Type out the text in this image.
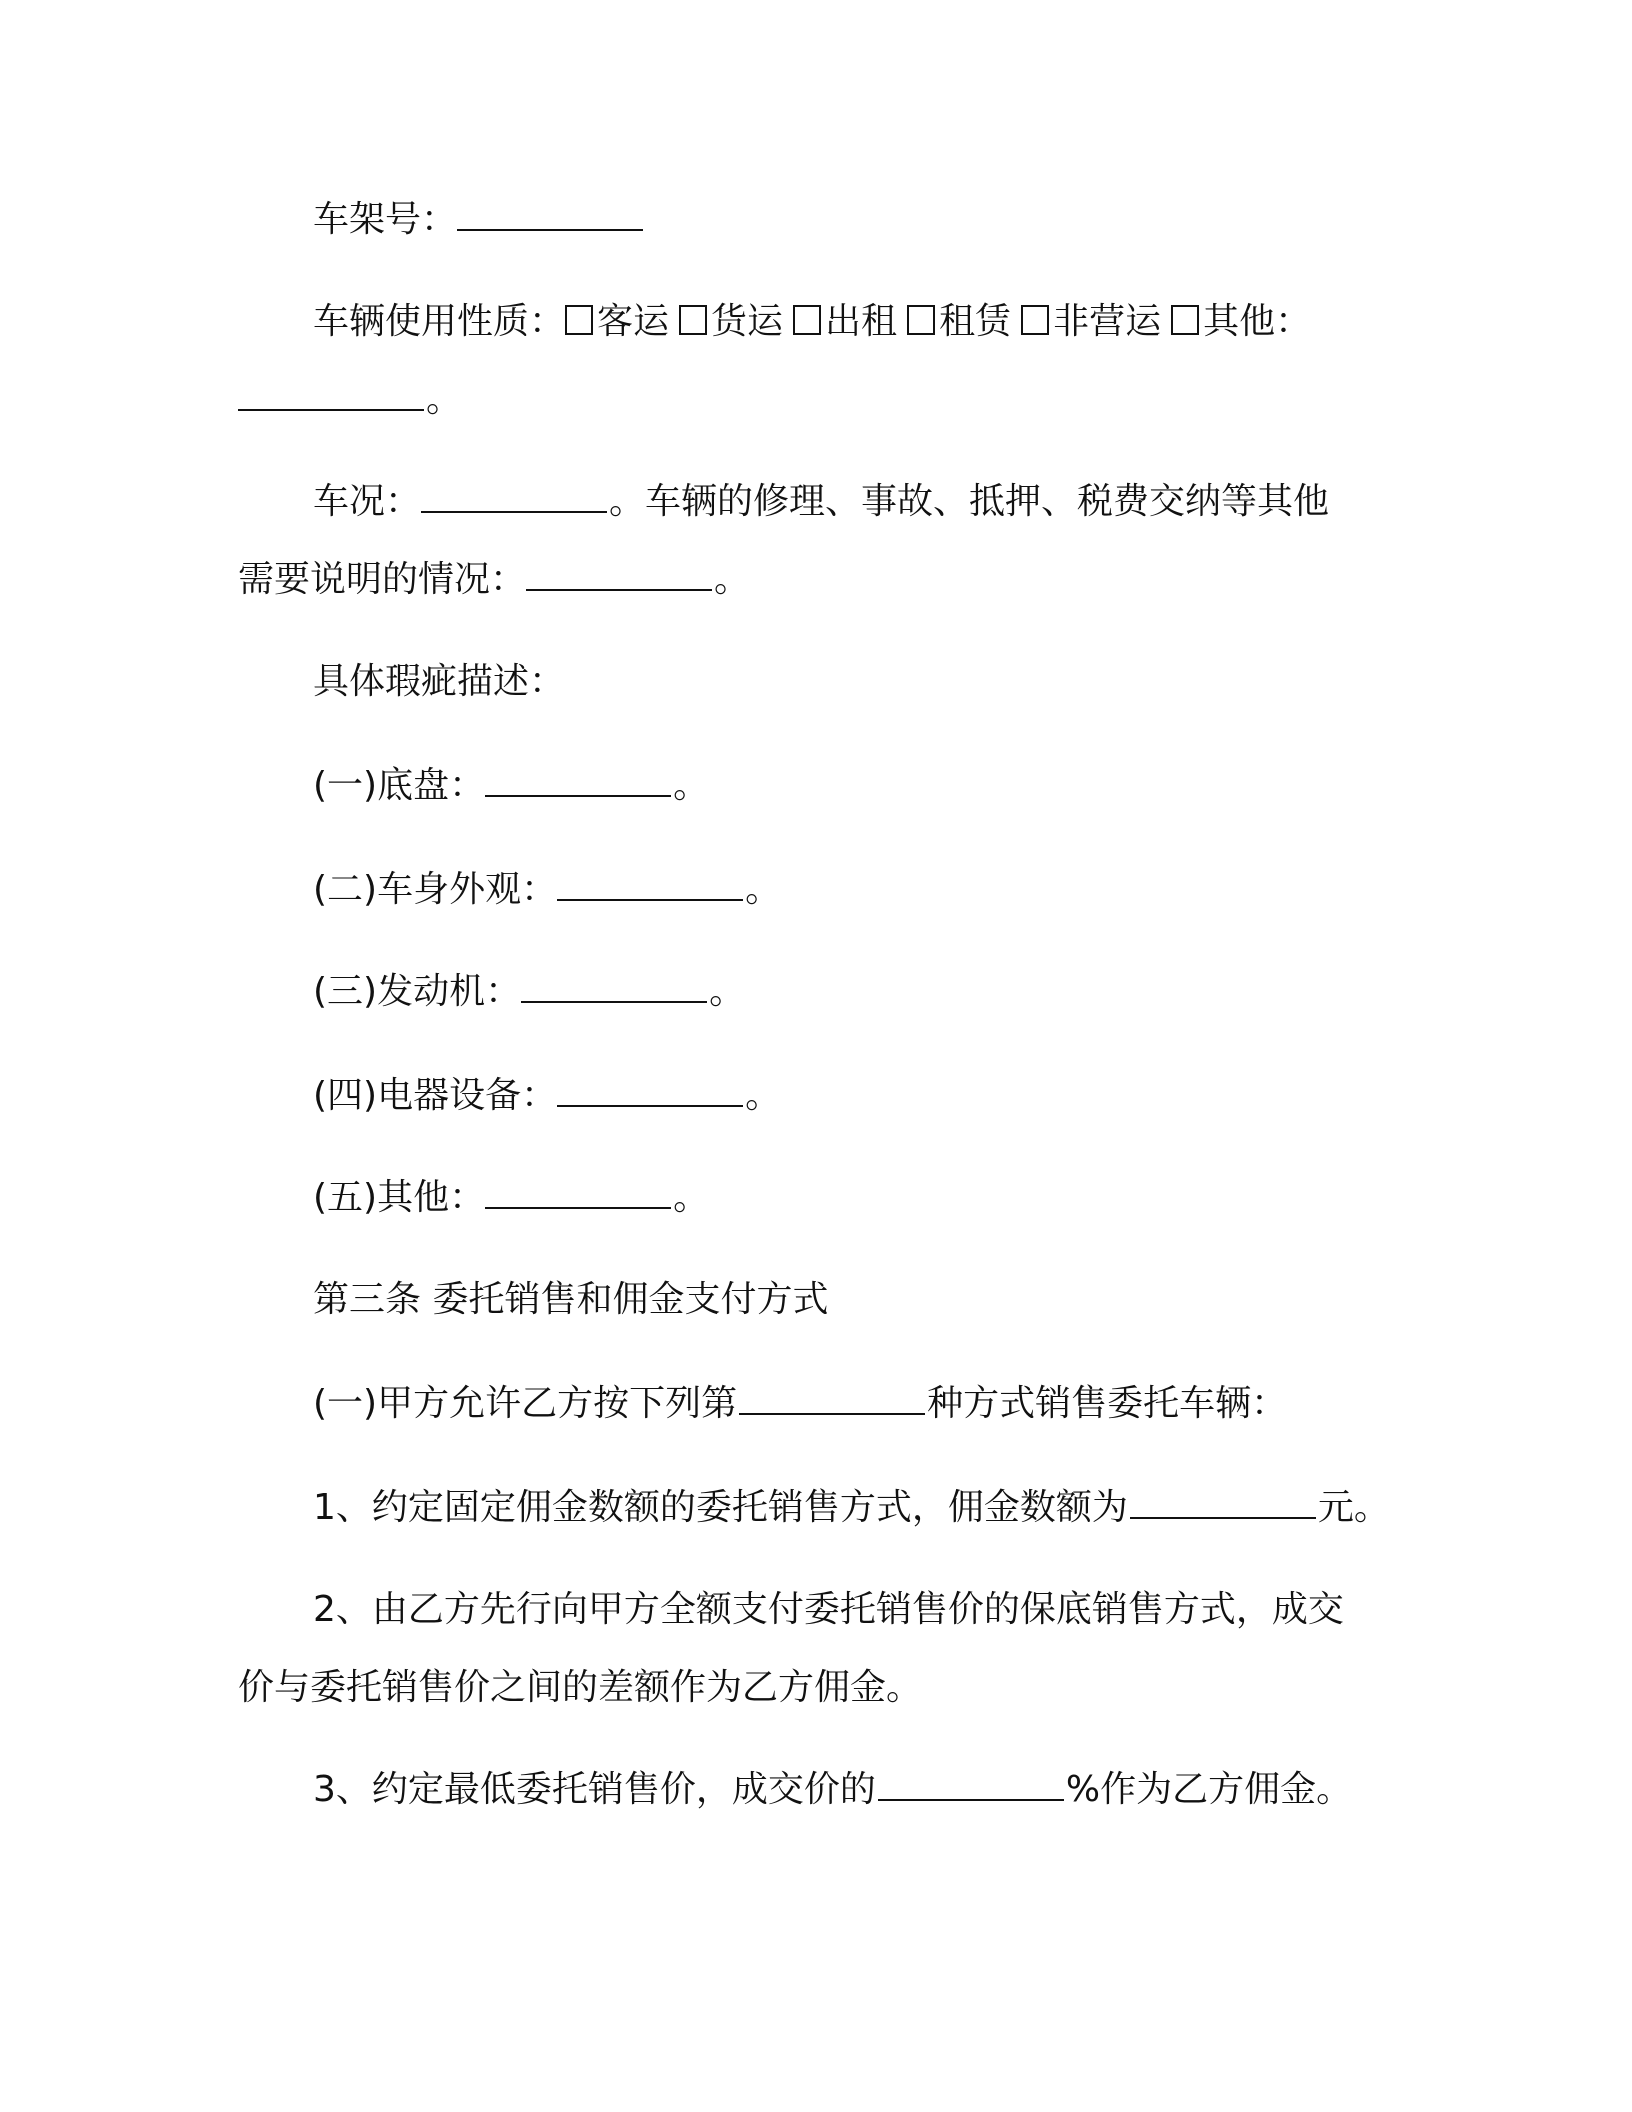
车架号：
车辆使用性质： 客运 货运 出租 租赁 非营运 其他：
。
车况：	。车辆的修理、事故、抵押、税费交纳等其他
需要说明的情况：	。
具体瑕疵描述：
(一)底盘：	。
(二)车身外观：	。
(三)发动机：	。
(四)电器设备：	。
(五)其他：	。
第三条 委托销售和佣金支付方式
(一)甲方允许乙方按下列第	种方式销售委托车辆：
1、约定固定佣金数额的委托销售方式，佣金数额为	元。
2、由乙方先行向甲方全额支付委托销售价的保底销售方式，成交
价与委托销售价之间的差额作为乙方佣金。
3、约定最低委托销售价，成交价的	%作为乙方佣金。
